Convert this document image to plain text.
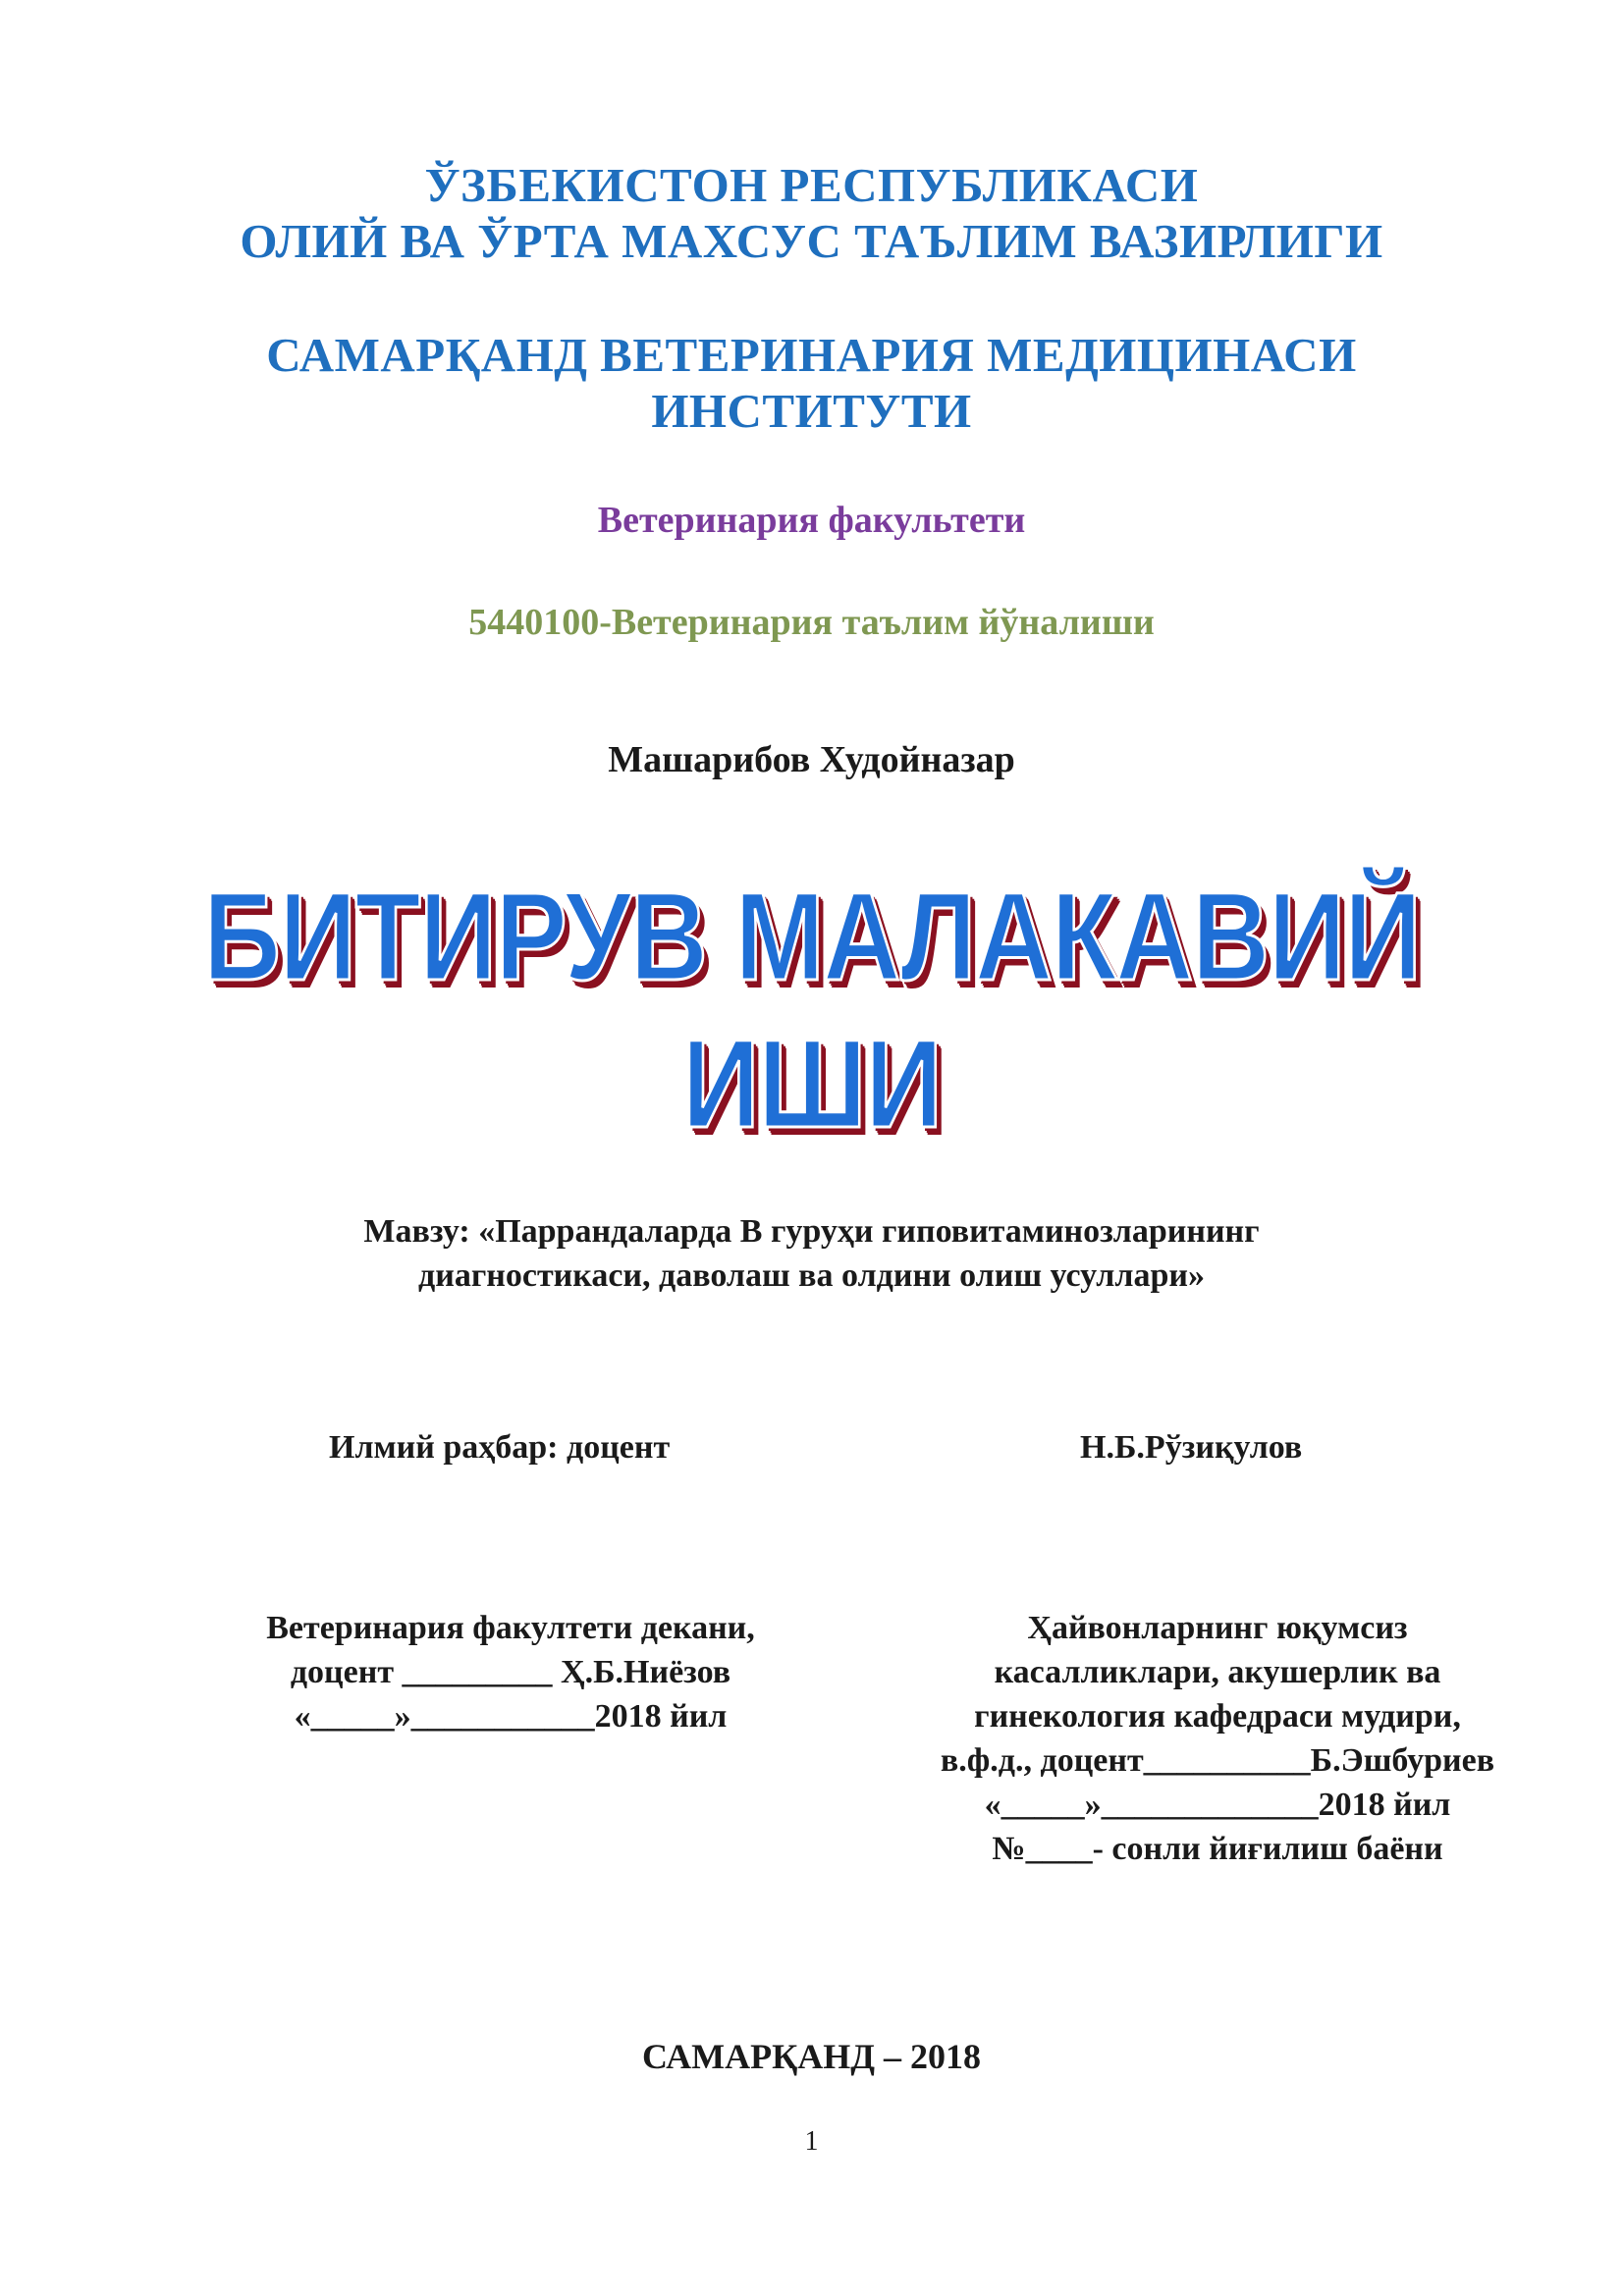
ЎЗБЕКИСТОН РЕСПУБЛИКАСИ
ОЛИЙ ВА ЎРТА МАХСУС ТАЪЛИМ ВАЗИРЛИГИ
САМАРҚАНД ВЕТЕРИНАРИЯ МЕДИЦИНАСИ
ИНСТИТУТИ
Ветеринария факультети
5440100-Ветеринария таълим йўналиши
Машарибов Худойназар
БИТИРУВ МАЛАКАВИЙ
ИШИ
Мавзу: «Паррандаларда В гуруҳи гиповитаминозларининг
диагностикаси, даволаш ва олдини олиш усуллари»
Илмий раҳбар: доцент	Н.Б.Рўзиқулов
Ветеринария факултети декани,
доцент _________ Ҳ.Б.Ниёзов
«_____»___________2018 йил
Ҳайвонларнинг юқумсиз
касалликлари, акушерлик ва
гинекология кафедраси мудири,
в.ф.д., доцент__________Б.Эшбуриев
«_____»_____________2018 йил
№____- сонли йиғилиш баёни
САМАРҚАНД – 2018
1
